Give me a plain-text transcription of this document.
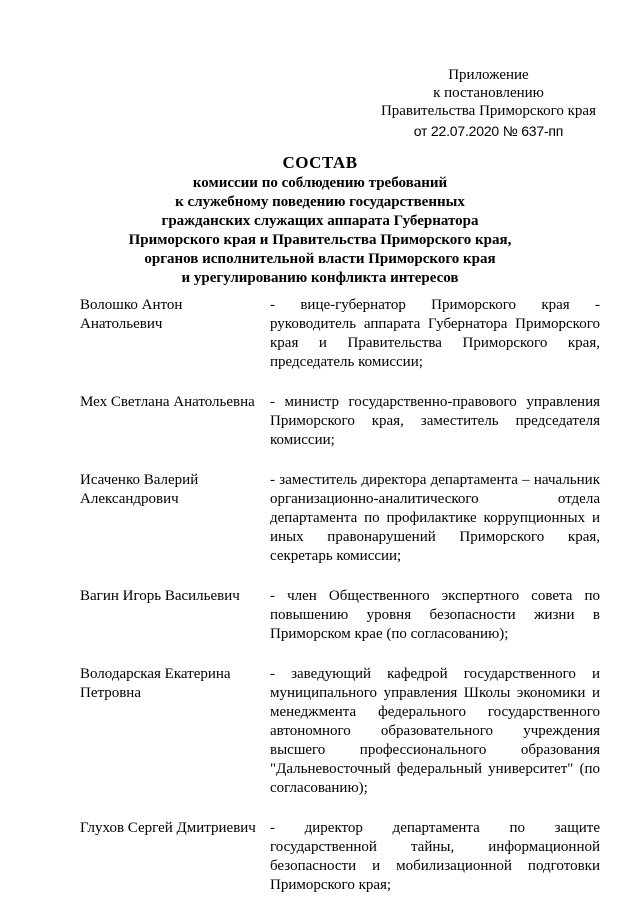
Приложение
к постановлению
Правительства Приморского края
от 22.07.2020 № 637-пп
СОСТАВ
комиссии по соблюдению требований
к служебному поведению государственных
гражданских служащих аппарата Губернатора
Приморского края и Правительства Приморского края,
органов исполнительной власти Приморского края
и урегулированию конфликта интересов
Волошко Антон Анатольевич
- вице-губернатор Приморского края - руководитель аппарата Губернатора Приморского края и Правительства Приморского края, председатель комиссии;
Мех Светлана Анатольевна	- министр государственно-правового управления Приморского края, заместитель председателя комиссии;
Исаченко Валерий Александрович
- заместитель директора департамента – начальник организационно-аналитического отдела департамента по профилактике коррупционных и иных правонарушений Приморского края, секретарь комиссии;
Вагин Игорь Васильевич	- член Общественного экспертного совета по повышению уровня безопасности жизни в Приморском крае (по согласованию);
Володарская Екатерина Петровна
- заведующий кафедрой государственного и муниципального управления Школы экономики и менеджмента федерального государственного автономного образовательного учреждения высшего профессионального образования "Дальневосточный федеральный университет" (по согласованию);
Глухов Сергей Дмитриевич - директор департамента по защите государственной тайны, информационной безопасности и мобилизационной подготовки Приморского края;
